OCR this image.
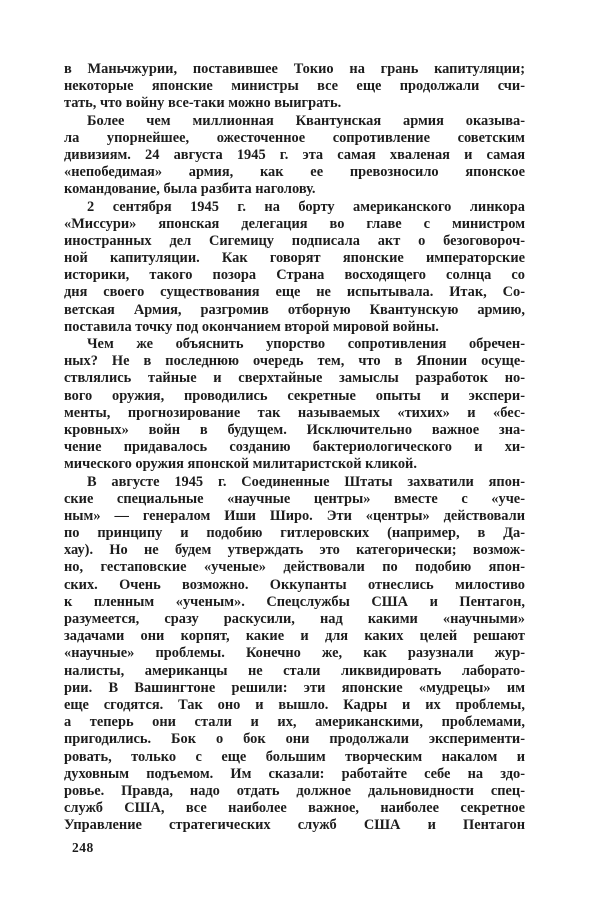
в Маньчжурии, поставившее Токио на грань капитуляции;
некоторые японские министры все еще продолжали счи-
тать, что войну все-таки можно выиграть.
Более чем миллионная Квантунская армия оказыва-
ла упорнейшее, ожесточенное сопротивление советским
дивизиям. 24 августа 1945 г. эта самая хваленая и самая
«непобедимая» армия, как ее превозносило японское
командование, была разбита наголову.
2 сентября 1945 г. на борту американского линкора
«Миссури» японская делегация во главе с министром
иностранных дел Сигемицу подписала акт о безоговороч-
ной капитуляции. Как говорят японские императорские
историки, такого позора Страна восходящего солнца со
дня своего существования еще не испытывала. Итак, Со-
ветская Армия, разгромив отборную Квантунскую армию,
поставила точку под окончанием второй мировой войны.
Чем же объяснить упорство сопротивления обречен-
ных? Не в последнюю очередь тем, что в Японии осуще-
ствлялись тайные и сверхтайные замыслы разработок но-
вого оружия, проводились секретные опыты и экспери-
менты, прогнозирование так называемых «тихих» и «бес-
кровных» войн в будущем. Исключительно важное зна-
чение придавалось созданию бактериологического и хи-
мического оружия японской милитаристской кликой.
В августе 1945 г. Соединенные Штаты захватили япон-
ские специальные «научные центры» вместе с «уче-
ным» — генералом Иши Широ. Эти «центры» действовали
по принципу и подобию гитлеровских (например, в Да-
хау). Но не будем утверждать это категорически; возмож-
но, гестаповские «ученые» действовали по подобию япон-
ских. Очень возможно. Оккупанты отнеслись милостиво
к пленным «ученым». Спецслужбы США и Пентагон,
разумеется, сразу раскусили, над какими «научными»
задачами они корпят, какие и для каких целей решают
«научные» проблемы. Конечно же, как разузнали жур-
налисты, американцы не стали ликвидировать лаборато-
рии. В Вашингтоне решили: эти японские «мудрецы» им
еще сгодятся. Так оно и вышло. Кадры и их проблемы,
а теперь они стали и их, американскими, проблемами,
пригодились. Бок о бок они продолжали эксперименти-
ровать, только с еще большим творческим накалом и
духовным подъемом. Им сказали: работайте себе на здо-
ровье. Правда, надо отдать должное дальновидности спец-
служб США, все наиболее важное, наиболее секретное
Управление стратегических служб США и Пентагон
248
